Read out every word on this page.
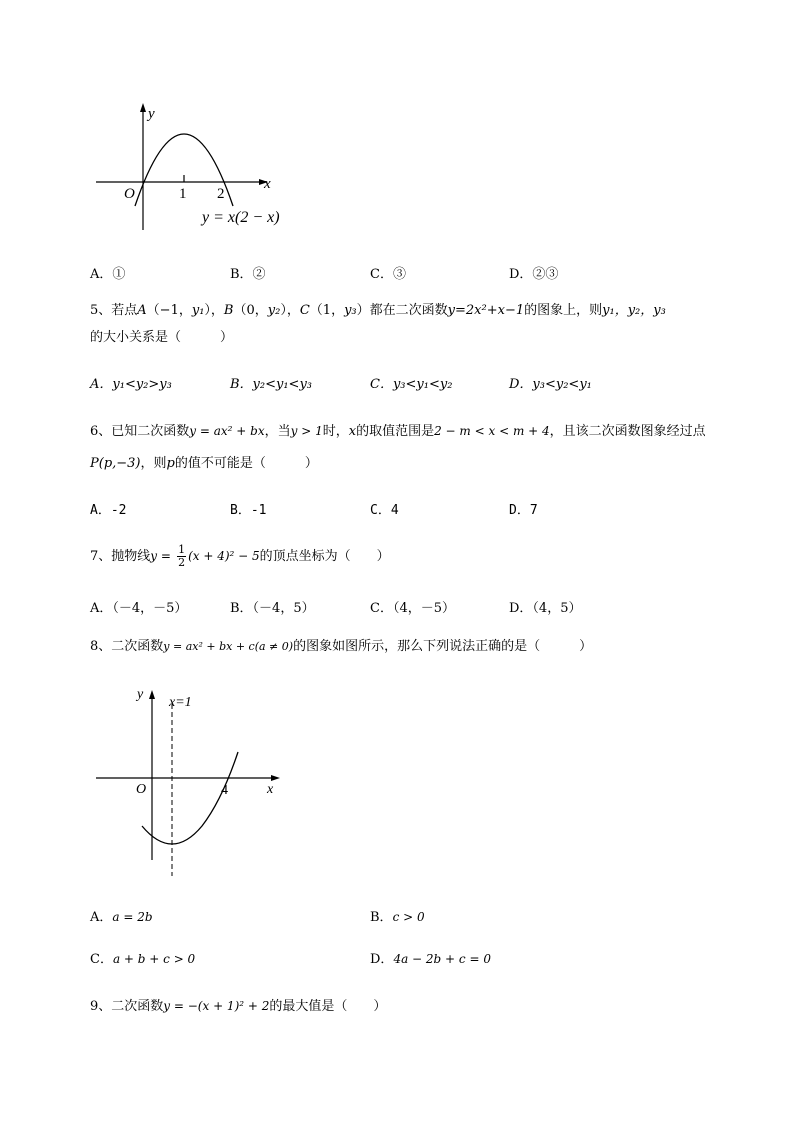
y
x
O	1 2
y = x(2 − x)
A．①	B．②	C．③	D．②③
5、若点A（−1，y₁），B（0，y₂），C（1，y₃）都在二次函数y=2x²+x−1的图象上，则y₁，y₂，y₃
的大小关系是（　　　）
A．y₁<y₂>y₃	B．y₂<y₁<y₃	C．y₃<y₁<y₂	D．y₃<y₂<y₁
6、已知二次函数y = ax² + bx，当y > 1时，x的取值范围是2 − m < x < m + 4，且该二次函数图象经过点
P(p,−3)，则p的值不可能是（　　　）
A．-2	B．-1	C．4	D．7
7、抛物线$y = \frac{1}{2} (x + 4)^2 - 5$的顶点坐标为（　　）
A．（－4，－5）	B．（－4，5）	C．（4，－5）	D．（4，5）
8、二次函数y = ax² + bx + c(a ≠ 0)的图象如图所示，那么下列说法正确的是（　　　）
y
x=1
O	4	x
A．a = 2b	B．c > 0
C．a + b + c > 0	D．4a − 2b + c = 0
9、二次函数y = −(x + 1)² + 2的最大值是（　　）
